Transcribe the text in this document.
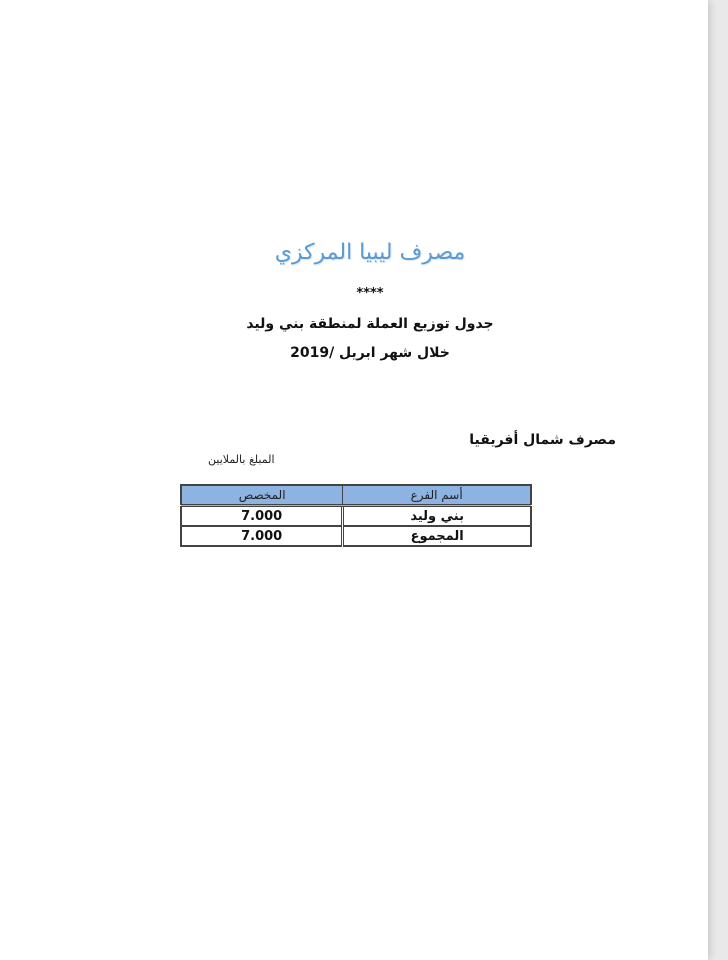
مصرف ليبيا المركزي
****
جدول توزيع العملة لمنطقة بني وليد
خلال شهر ابريل /2019
مصرف شمال أفريقيا
المبلغ بالملايين
أسم الفرع	المخصص
بني وليد	7.000
المجموع	7.000
